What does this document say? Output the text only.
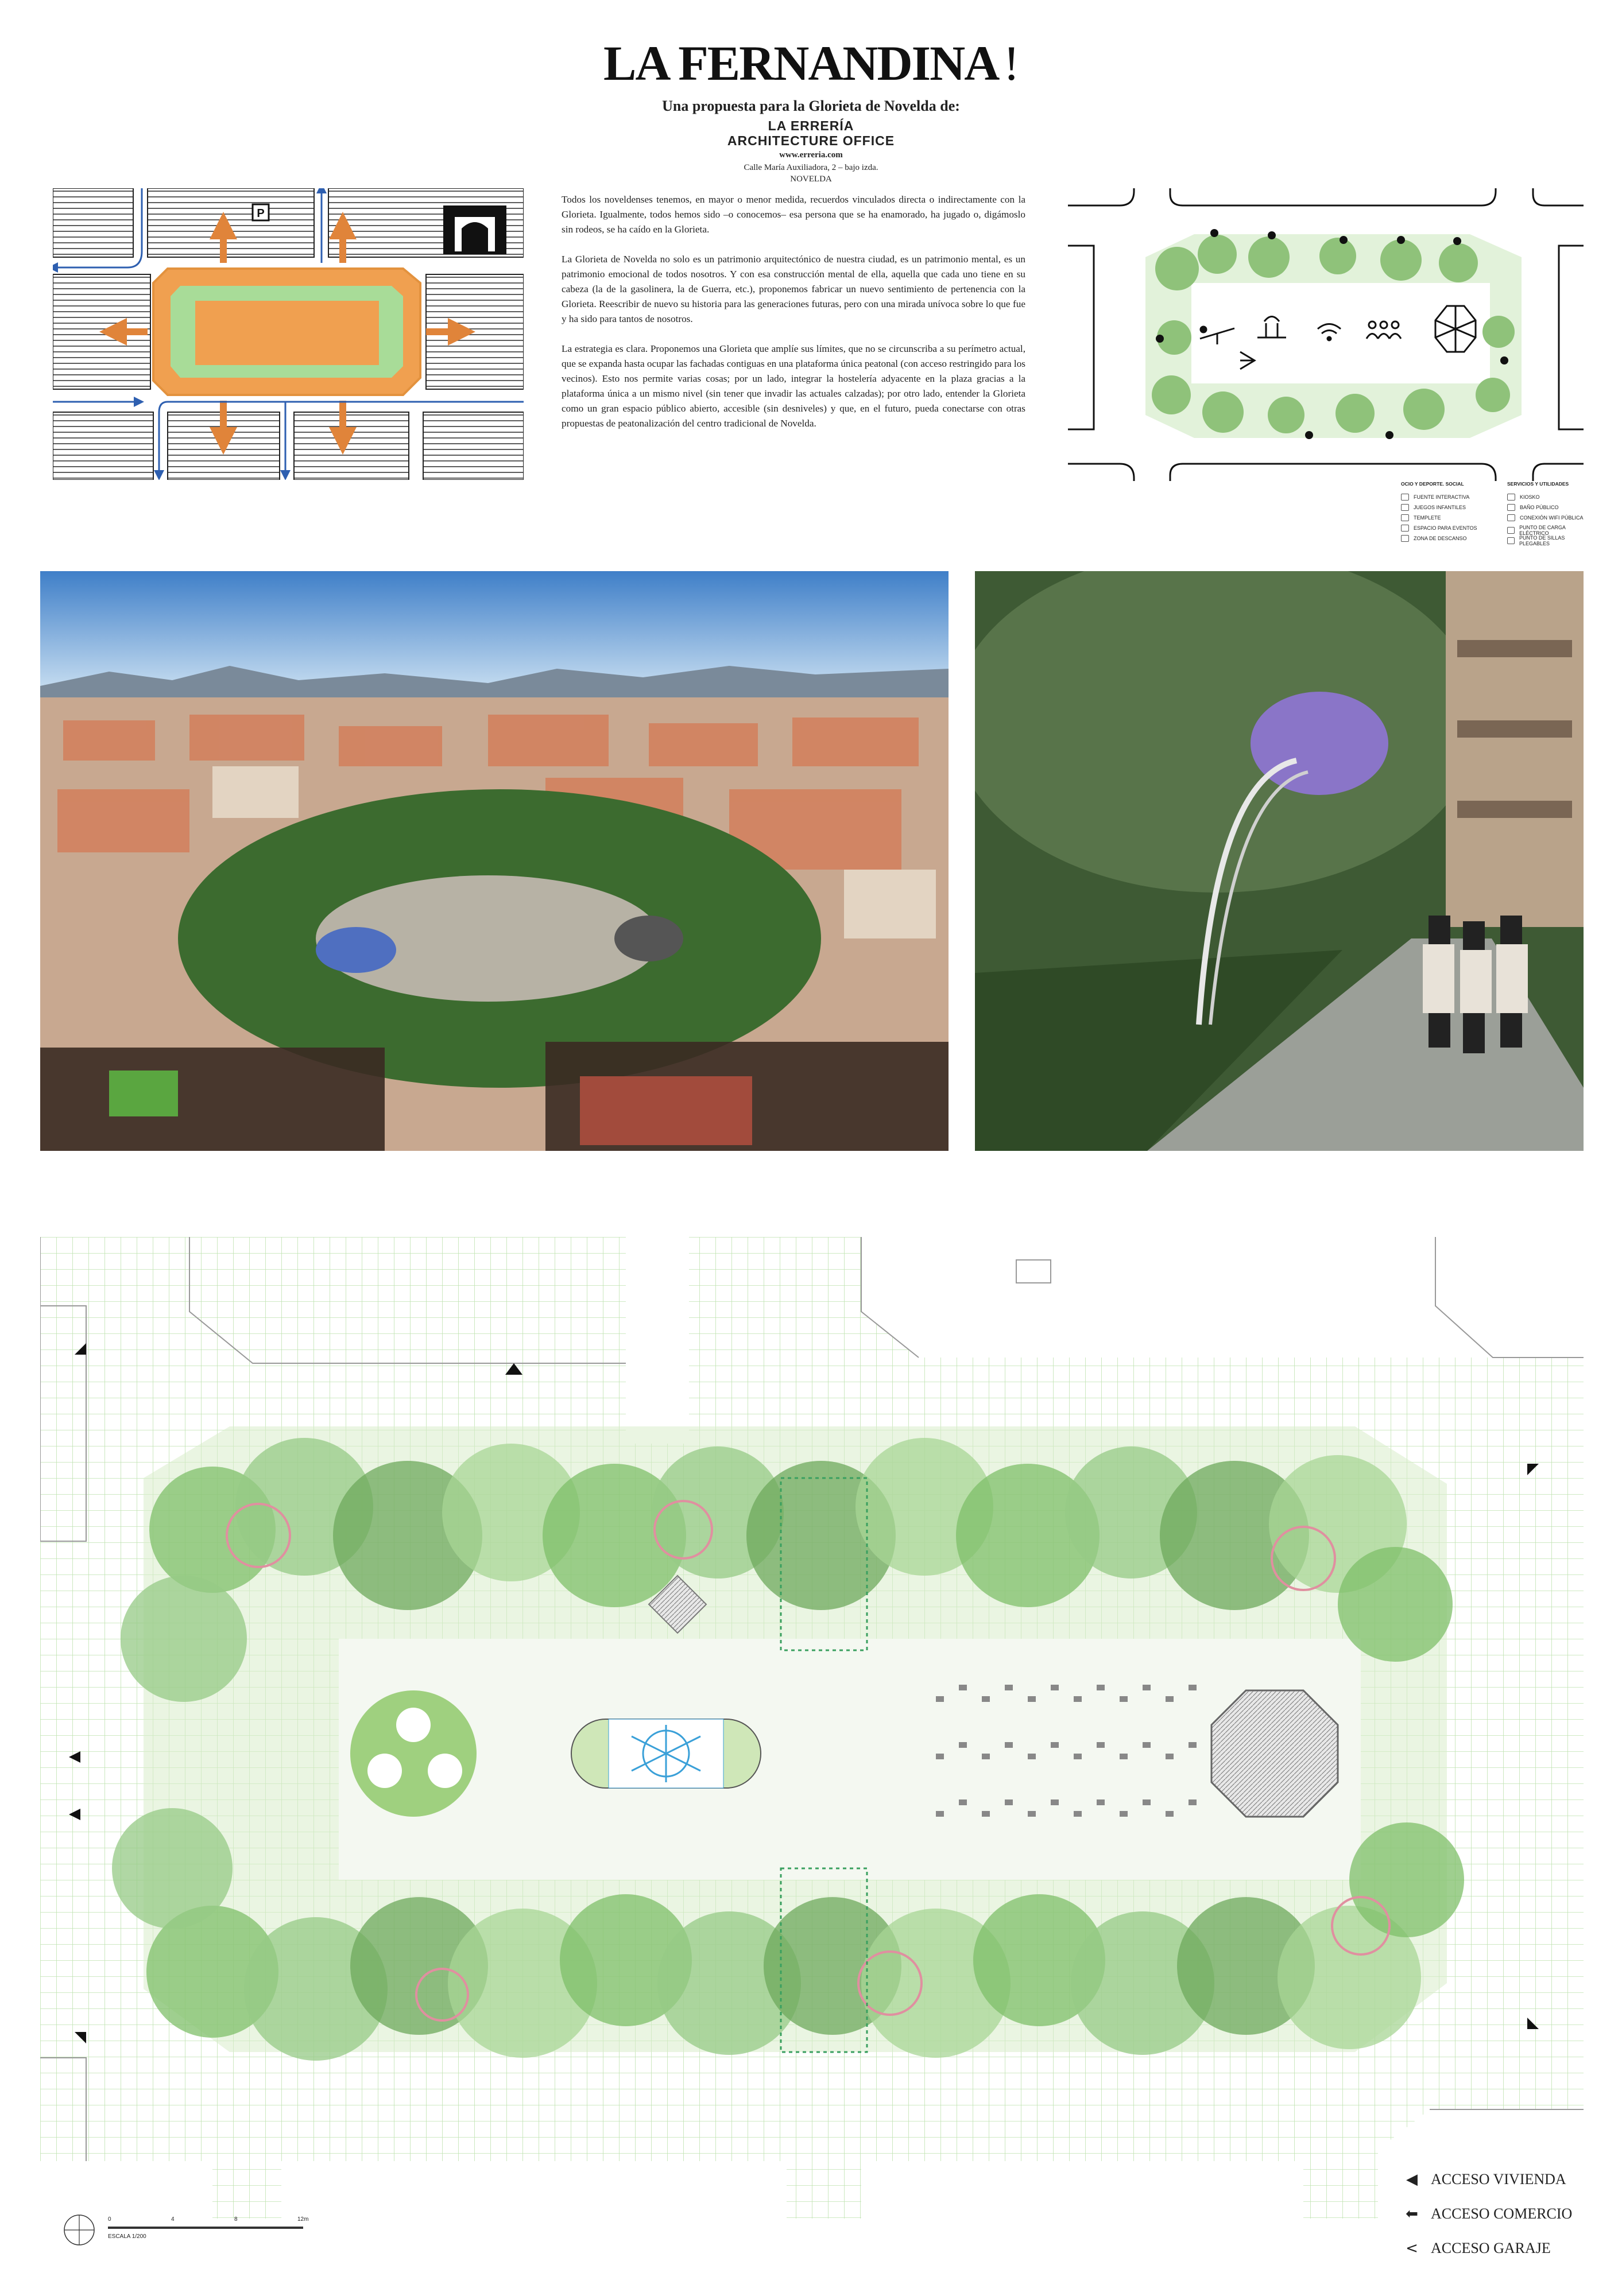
LA FERNANDINA!
Una propuesta para la Glorieta de Novelda de:
LA ERRERÍA
ARCHITECTURE OFFICE
www.erreria.com
Calle María Auxiliadora, 2 – bajo izda.
NOVELDA

Todos los noveldenses tenemos, en mayor o menor medida, recuerdos vinculados directa o indirectamente con la Glorieta. Igualmente, todos hemos sido –o conocemos– esa persona que se ha enamorado, ha jugado o, digámoslo sin rodeos, se ha caído en la Glorieta.

La Glorieta de Novelda no solo es un patrimonio arquitectónico de nuestra ciudad, es un patrimonio mental, es un patrimonio emocional de todos nosotros. Y con esa construcción mental de ella, aquella que cada uno tiene en su cabeza (la de la gasolinera, la de Guerra, etc.), proponemos fabricar un nuevo sentimiento de pertenencia con la Glorieta. Reescribir de nuevo su historia para las generaciones futuras, pero con una mirada unívoca sobre lo que fue y ha sido para tantos de nosotros.

La estrategia es clara. Proponemos una Glorieta que amplíe sus límites, que no se circunscriba a su perímetro actual, que se expanda hasta ocupar las fachadas contiguas en una plataforma única peatonal (con acceso restringido para los vecinos). Esto nos permite varias cosas; por un lado, integrar la hostelería adyacente en la plaza gracias a la plataforma única a un mismo nivel (sin tener que invadir las actuales calzadas); por otro lado, entender la Glorieta como un gran espacio público abierto, accesible (sin desniveles) y que, en el futuro, pueda conectarse con otras propuestas de peatonalización del centro tradicional de Novelda.

P
OCIO Y DEPORTE. SOCIAL
FUENTE INTERACTIVA
JUEGOS INFANTILES
TEMPLETE
ESPACIO PARA EVENTOS
ZONA DE DESCANSO
SERVICIOS Y UTILIDADES
KIOSKO
BAÑO PÚBLICO
CONEXIÓN WIFI PÚBLICA
PUNTO DE CARGA ELÉCTRICO
PUNTO DE SILLAS PLEGABLES
0	4	8	12m
ESCALA 1/200
◀ ACCESO VIVIENDA
⬅ ACCESO COMERCIO
< ACCESO GARAJE
